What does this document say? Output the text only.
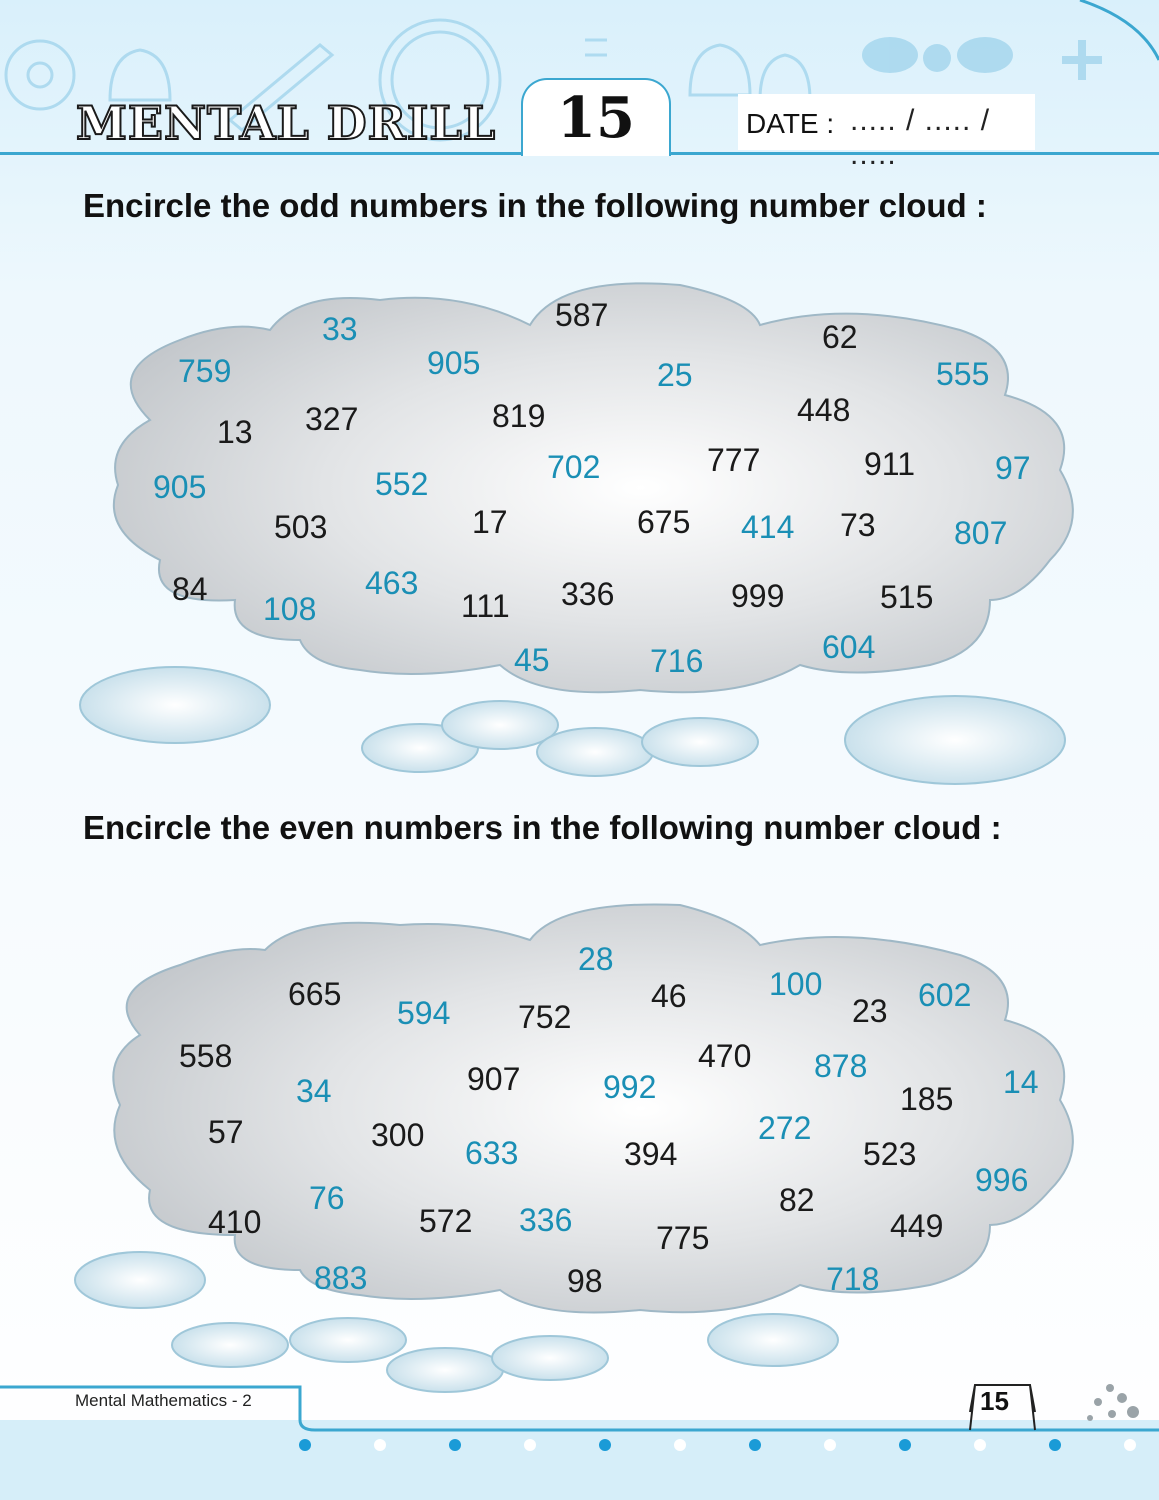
MENTAL DRILL	15	DATE : ..... / ..... / .....
Encircle the odd numbers in the following number cloud :
33	587
759	905
62
25	555
13 327	819	448
702	777	911 97
905	552
503	17	675 414 73 807
84	463
108	111 336	999	515
45	716	604
Encircle the even numbers in the following number cloud :
28
665
594 752
46	100
23 602
558
34	907	992
470 878
185 14
57	300 633	394
272
523
996
76	82
410	572 336	775	449
883	98	718
Mental Mathematics - 2	15
